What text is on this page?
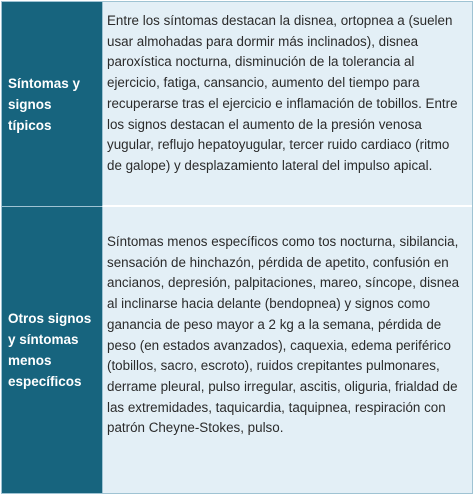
Síntomas y signos típicos
Entre los síntomas destacan la disnea, ortopnea a (suelen usar almohadas para dormir más inclinados), disnea paroxística nocturna, disminución de la tolerancia al ejercicio, fatiga, cansancio, aumento del tiempo para recuperarse tras el ejercicio e inflamación de tobillos. Entre los signos destacan el aumento de la presión venosa yugular, reflujo hepatoyugular, tercer ruido cardiaco (ritmo de galope) y desplazamiento lateral del impulso apical.
Otros signos y síntomas menos específicos
Síntomas menos específicos como tos nocturna, sibilancia, sensación de hinchazón, pérdida de apetito, confusión en ancianos, depresión, palpitaciones, mareo, síncope, disnea al inclinarse hacia delante (bendopnea) y signos como ganancia de peso mayor a 2 kg a la semana, pérdida de peso (en estados avanzados), caquexia, edema periférico (tobillos, sacro, escroto), ruidos crepitantes pulmonares, derrame pleural, pulso irregular, ascitis, oliguria, frialdad de las extremidades, taquicardia, taquipnea, respiración con patrón Cheyne-Stokes, pulso.
